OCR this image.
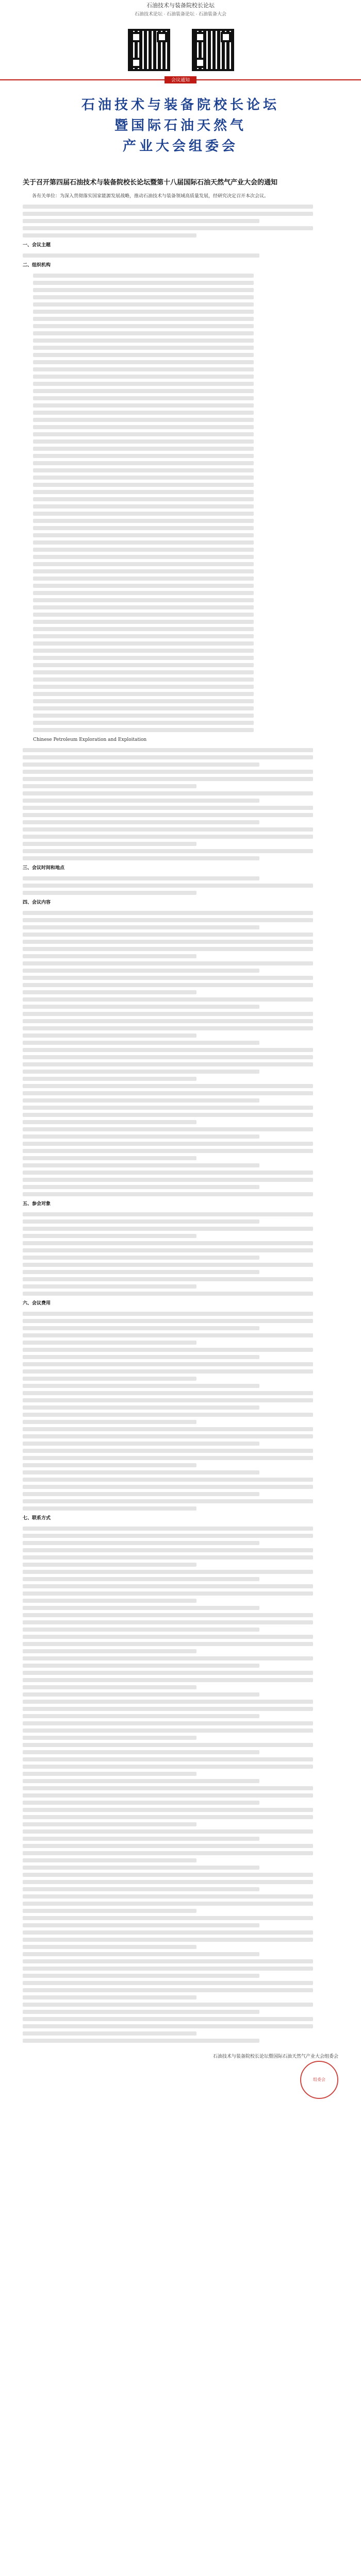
石油技术与装备院校长论坛
石油技术论坛 · 石油装备论坛 · 石油装备大会
会议通知
石油技术与装备院校长论坛
暨国际石油天然气
产业大会组委会
关于召开第四届石油技术与装备院校长论坛暨第十八届国际石油天然气产业大会的通知

各有关单位：为深入贯彻落实国家能源发展战略，推动石油技术与装备领域高质量发展，经研究决定召开本次会议。

一、会议主题
二、组织机构
Chinese Petroleum Exploration and Exploitation
三、会议时间和地点
四、会议内容
五、参会对象
六、会议费用
七、联系方式
石油技术与装备院校长论坛暨国际石油天然气产业大会组委会
组委会
